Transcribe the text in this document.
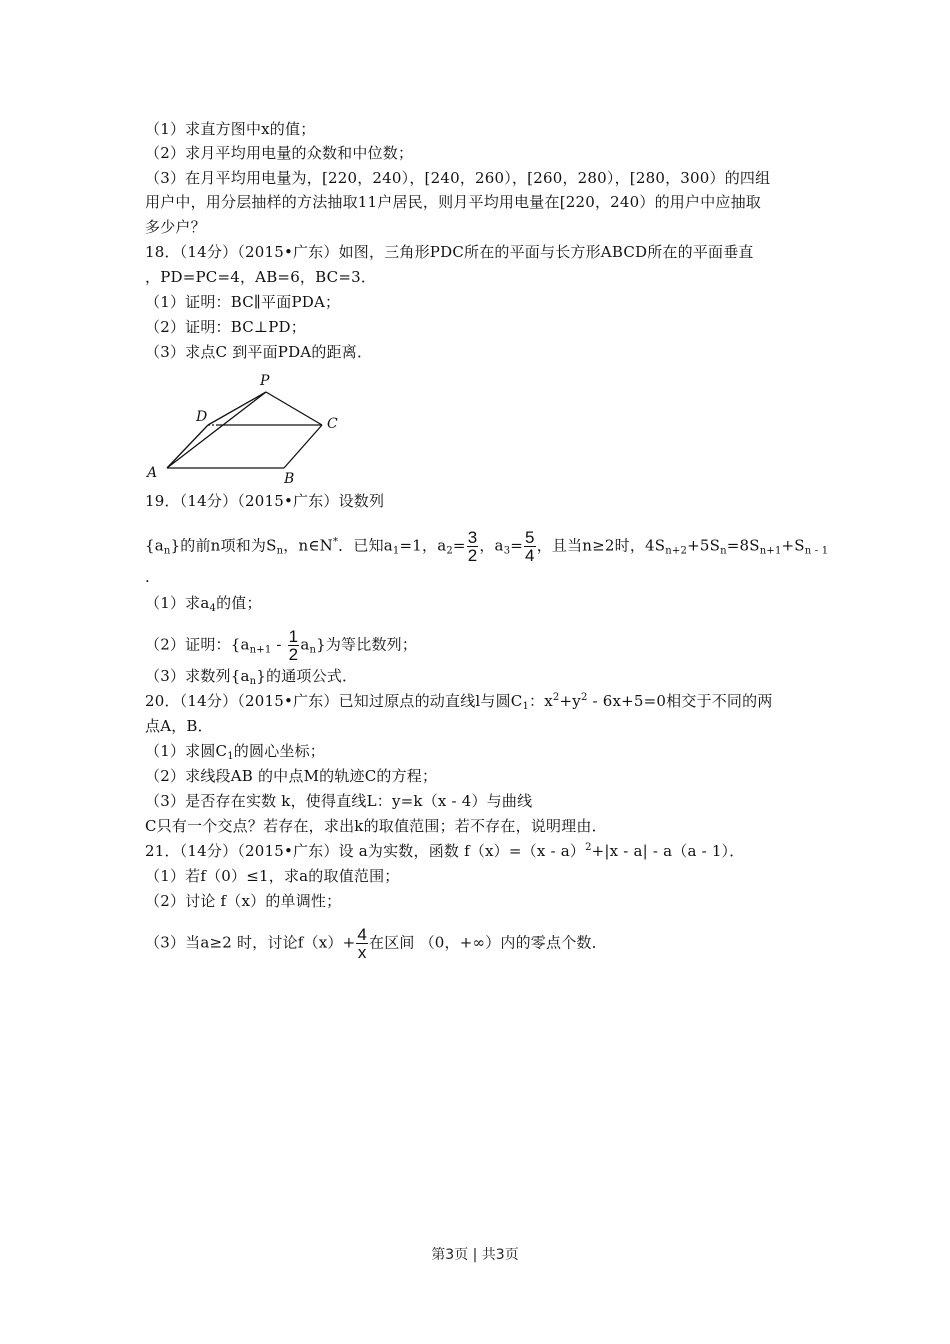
（1）求直方图中x的值；
（2）求月平均用电量的众数和中位数；
（3）在月平均用电量为，[220，240），[240，260），[260，280），[280，300）的四组
用户中，用分层抽样的方法抽取11户居民，则月平均用电量在[220，240）的用户中应抽取
多少户？
18．（14分）（2015•广东）如图，三角形PDC所在的平面与长方形ABCD所在的平面垂直
，PD=PC=4，AB=6，BC=3．
（1）证明：BC∥平面PDA；
（2）证明：BC⊥PD；
（3）求点C 到平面PDA的距离．
19．（14分）（2015•广东）设数列
$\{a_n\}$的前n项和为$S_n$，n∈N*．已知$a_1=1$，$a_2= \frac{3}{2}$ ，$a_3= \frac{5}{4}$ ，且当n≥2时，$4S_{n+2}+5S_n=8S_{n+1}+S_{n - 1}$
.
（1）求$a_4$的值；
（2）证明：$\{a_{n+1} - \frac{1}{2} a_n\}$为等比数列；
（3）求数列$\{a_n\}$的通项公式．
20．（14分）（2015•广东）已知过原点的动直线l与圆$C_1$：$x^2+y^2 - 6x+5=0$相交于不同的两
点A，B．
（1）求圆$C_1$的圆心坐标；
（2）求线段AB 的中点M的轨迹C的方程；
（3）是否存在实数 k，使得直线L：y=k（x - 4）与曲线
C只有一个交点？若存在，求出k的取值范围；若不存在，说明理由．
21．（14分）（2015•广东）设 a为实数，函数 f（x）=（x - a）$^2$+|x - a| - a（a - 1）．
（1）若f（0）≤1，求a的取值范围；
（2）讨论 f（x）的单调性；
（3）当a≥2 时，讨论$f(x)+ \frac{4}{x}$ 在区间 （0，+∞）内的零点个数．
P
D	C
A	B
第3页 | 共3页
